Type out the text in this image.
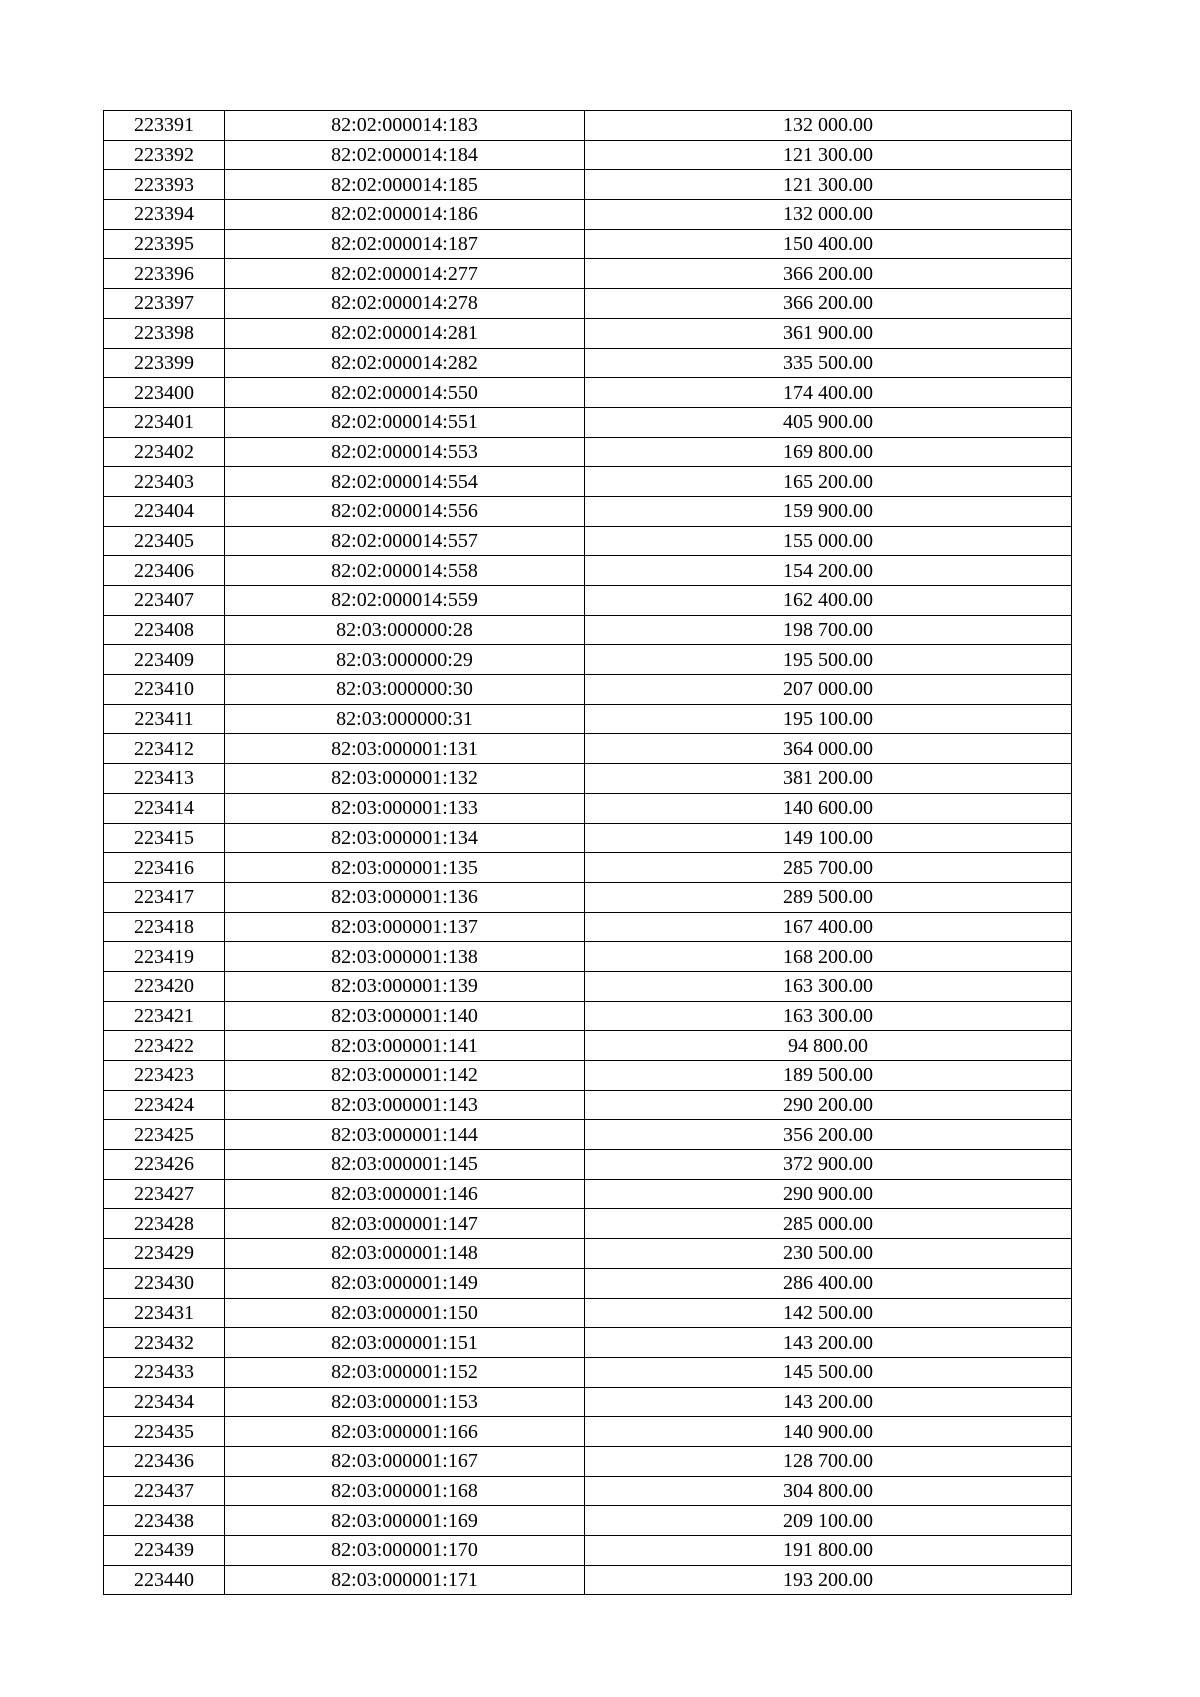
223391	82:02:000014:183	132 000.00
223392	82:02:000014:184	121 300.00
223393	82:02:000014:185	121 300.00
223394	82:02:000014:186	132 000.00
223395	82:02:000014:187	150 400.00
223396	82:02:000014:277	366 200.00
223397	82:02:000014:278	366 200.00
223398	82:02:000014:281	361 900.00
223399	82:02:000014:282	335 500.00
223400	82:02:000014:550	174 400.00
223401	82:02:000014:551	405 900.00
223402	82:02:000014:553	169 800.00
223403	82:02:000014:554	165 200.00
223404	82:02:000014:556	159 900.00
223405	82:02:000014:557	155 000.00
223406	82:02:000014:558	154 200.00
223407	82:02:000014:559	162 400.00
223408	82:03:000000:28	198 700.00
223409	82:03:000000:29	195 500.00
223410	82:03:000000:30	207 000.00
223411	82:03:000000:31	195 100.00
223412	82:03:000001:131	364 000.00
223413	82:03:000001:132	381 200.00
223414	82:03:000001:133	140 600.00
223415	82:03:000001:134	149 100.00
223416	82:03:000001:135	285 700.00
223417	82:03:000001:136	289 500.00
223418	82:03:000001:137	167 400.00
223419	82:03:000001:138	168 200.00
223420	82:03:000001:139	163 300.00
223421	82:03:000001:140	163 300.00
223422	82:03:000001:141	94 800.00
223423	82:03:000001:142	189 500.00
223424	82:03:000001:143	290 200.00
223425	82:03:000001:144	356 200.00
223426	82:03:000001:145	372 900.00
223427	82:03:000001:146	290 900.00
223428	82:03:000001:147	285 000.00
223429	82:03:000001:148	230 500.00
223430	82:03:000001:149	286 400.00
223431	82:03:000001:150	142 500.00
223432	82:03:000001:151	143 200.00
223433	82:03:000001:152	145 500.00
223434	82:03:000001:153	143 200.00
223435	82:03:000001:166	140 900.00
223436	82:03:000001:167	128 700.00
223437	82:03:000001:168	304 800.00
223438	82:03:000001:169	209 100.00
223439	82:03:000001:170	191 800.00
223440	82:03:000001:171	193 200.00
